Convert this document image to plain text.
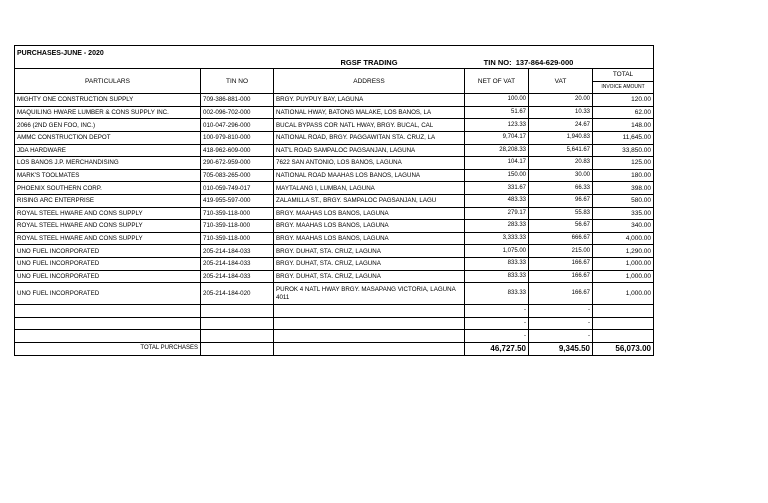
PURCHASES-JUNE - 2020		RGSF TRADING	TIN NO: 137-864-629-000		
PARTICULARS	TIN NO	ADDRESS	NET OF VAT	VAT	TOTAL
					INVOICE AMOUNT
MIGHTY ONE CONSTRUCTION SUPPLY	709-386-881-000	BRGY. PUYPUY BAY, LAGUNA	100.00	20.00	120.00
MAQUILING HWARE LUMBER & CONS SUPPLY INC.	002-096-702-000	NATIONAL HWAY, BATONG MALAKE, LOS BANOS, LA	51.67	10.33	62.00
2066 (2ND GEN FOO, INC.)	010-047-296-000	BUCAL BYPASS COR NATL HWAY, BRGY. BUCAL, CAL	123.33	24.67	148.00
AMMC CONSTRUCTION DEPOT	100-979-810-000	NATIONAL ROAD, BRGY. PAGGAWITAN STA. CRUZ, LA	9,704.17	1,940.83	11,645.00
JDA HARDWARE	418-962-609-000	NAT'L ROAD SAMPALOC PAGSANJAN, LAGUNA	28,208.33	5,641.67	33,850.00
LOS BANOS J.P. MERCHANDISING	290-672-959-000	7622 SAN ANTONIO, LOS BANOS, LAGUNA	104.17	20.83	125.00
MARK'S TOOLMATES	705-083-265-000	NATIONAL ROAD MAAHAS LOS BANOS, LAGUNA	150.00	30.00	180.00
PHOENIX SOUTHERN CORP.	010-059-749-017	MAYTALANG I, LUMBAN, LAGUNA	331.67	66.33	398.00
RISING ARC ENTERPRISE	419-955-597-000	ZALAMILLA ST., BRGY. SAMPALOC PAGSANJAN, LAGU	483.33	96.67	580.00
ROYAL STEEL HWARE AND CONS SUPPLY	710-359-118-000	BRGY. MAAHAS LOS BANOS, LAGUNA	279.17	55.83	335.00
ROYAL STEEL HWARE AND CONS SUPPLY	710-359-118-000	BRGY. MAAHAS LOS BANOS, LAGUNA	283.33	56.67	340.00
ROYAL STEEL HWARE AND CONS SUPPLY	710-359-118-000	BRGY. MAAHAS LOS BANOS, LAGUNA	3,333.33	666.67	4,000.00
UNO FUEL INCORPORATED	205-214-184-033	BRGY. DUHAT, STA. CRUZ, LAGUNA	1,075.00	215.00	1,290.00
UNO FUEL INCORPORATED	205-214-184-033	BRGY. DUHAT, STA. CRUZ, LAGUNA	833.33	166.67	1,000.00
UNO FUEL INCORPORATED	205-214-184-033	BRGY. DUHAT, STA. CRUZ, LAGUNA	833.33	166.67	1,000.00
UNO FUEL INCORPORATED	205-214-184-020	PUROK 4 NATL HWAY BRGY. MASAPANG VICTORIA, LAGUNA 4011	833.33	166.67	1,000.00
			-	-	
			-	-	
			-	-	
TOTAL PURCHASES			46,727.50	9,345.50	56,073.00
